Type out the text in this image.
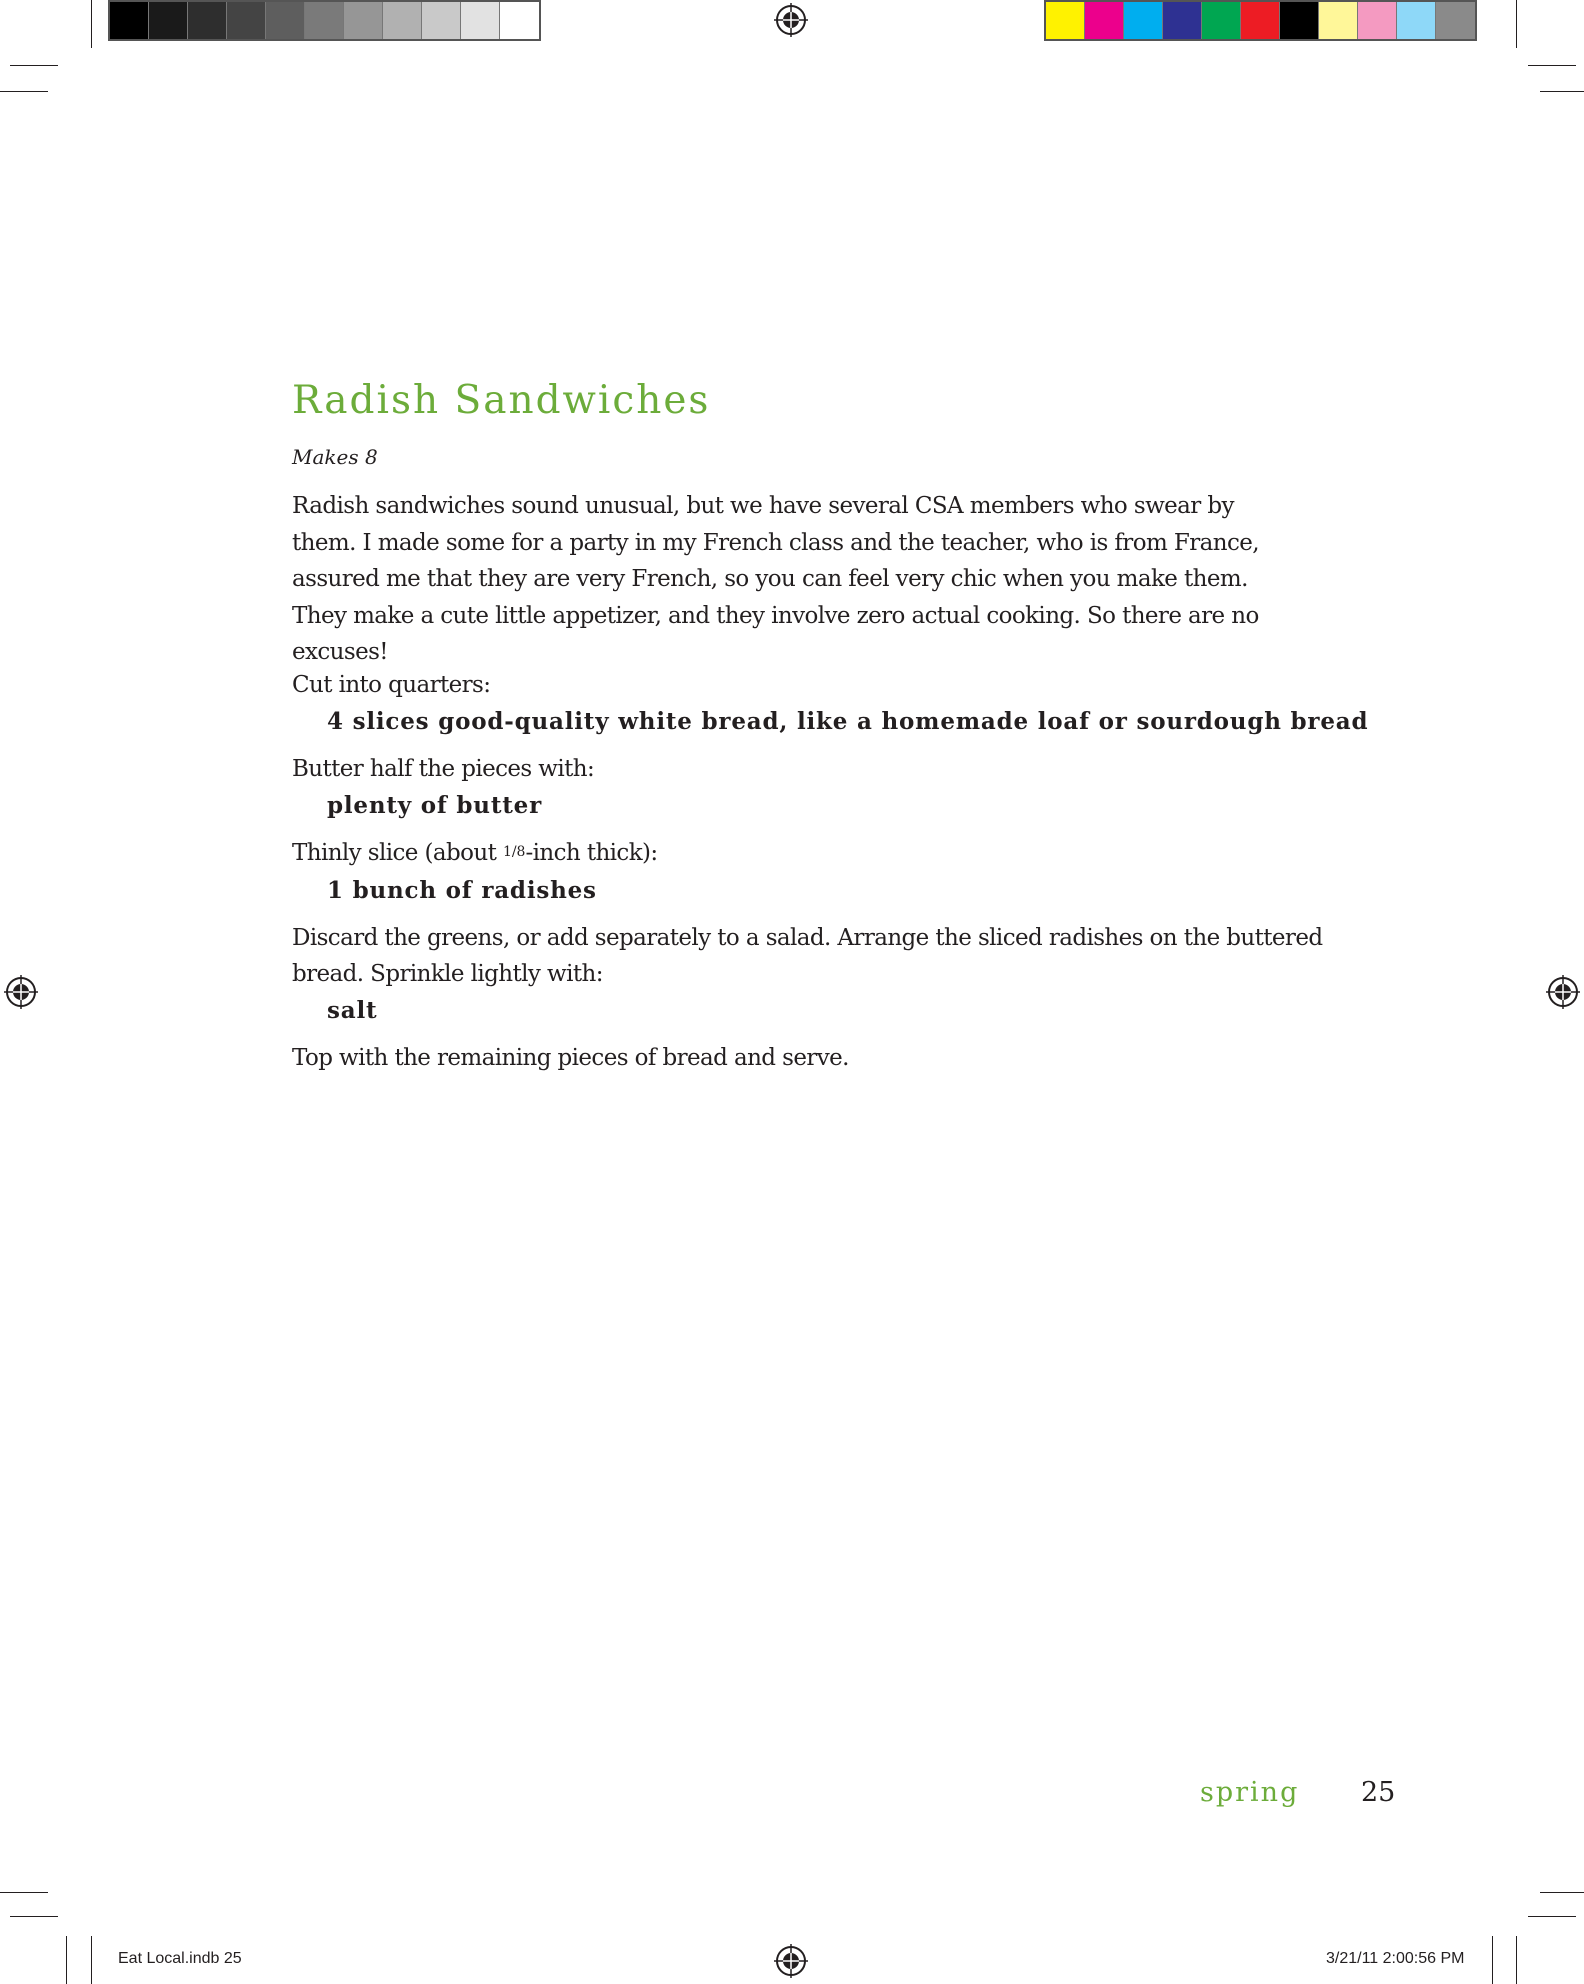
Radish Sandwiches
Makes 8

Radish sandwiches sound unusual, but we have several CSA members who swear by them. I made some for a party in my French class and the teacher, who is from France, assured me that they are very French, so you can feel very chic when you make them. They make a cute little appetizer, and they involve zero actual cooking. So there are no excuses!

Cut into quarters:
4 slices good-quality white bread, like a homemade loaf or sourdough bread
Butter half the pieces with:
plenty of butter
Thinly slice (about 1/8-inch thick):
1 bunch of radishes
Discard the greens, or add separately to a salad. Arrange the sliced radishes on the buttered
bread. Sprinkle lightly with:
salt
Top with the remaining pieces of bread and serve.
spring 25
Eat Local.indb 25	3/21/11 2:00:56 PM
